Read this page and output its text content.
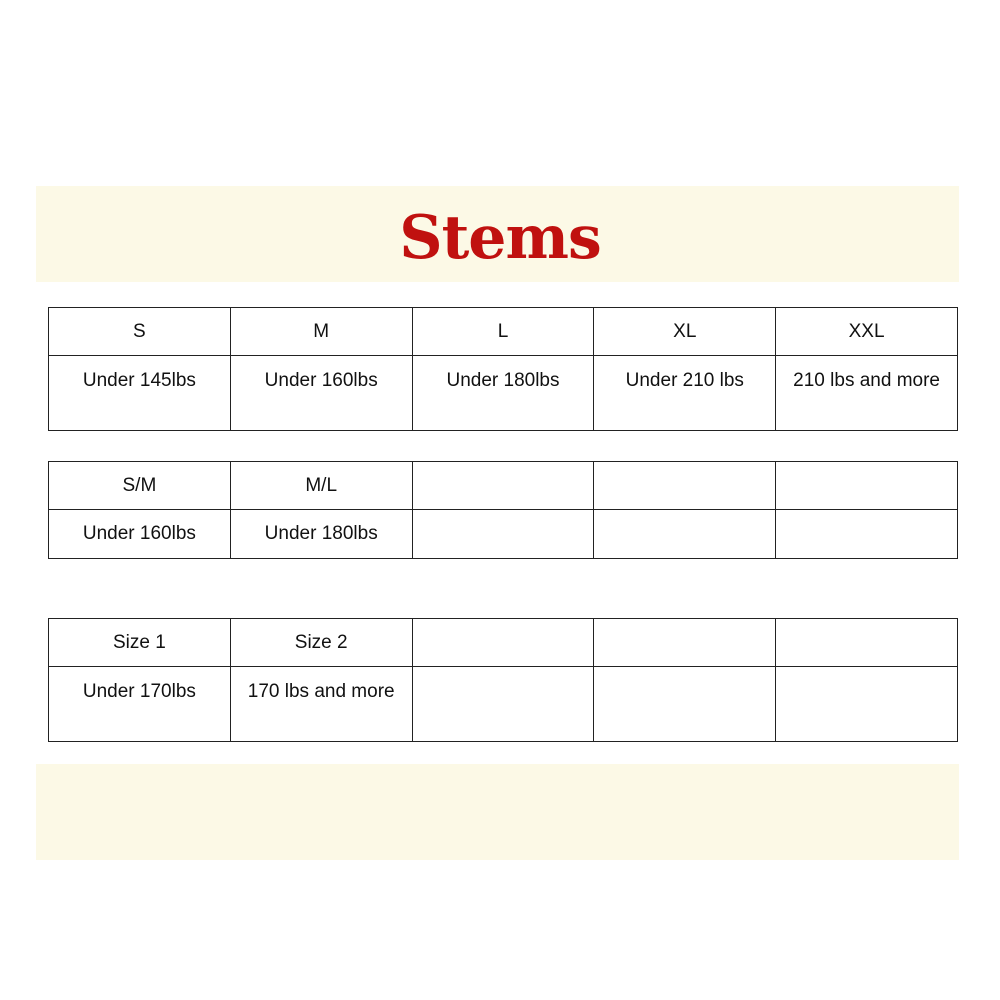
Stems
S	M	L	XL	XXL
Under 145lbs	Under 160lbs	Under 180lbs	Under 210 lbs	210 lbs and more
S/M	M/L			
Under 160lbs	Under 180lbs			
Size 1	Size 2			
Under 170lbs	170 lbs and more			
